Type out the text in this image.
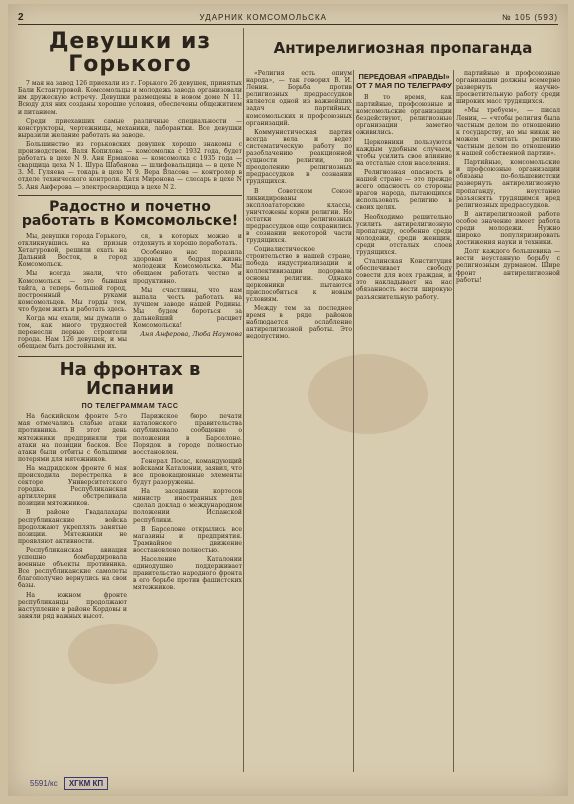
2	УДАРНИК КОМСОМОЛЬСКА	№ 105 (593)
Девушки из Горького

7 мая на завод 126 приехали из г. Горького 26 девушек, принятых Бали Кстантуровой. Комсомольцы и молодежь завода организовали им дружескую встречу. Девушки размещены в новом доме N 11. Всюду для них созданы хорошие условия, обеспечены общежитием и питанием.

Среди приехавших самые различные специальности — конструкторы, чертежницы, механики, лаборантки. Все девушки выразили желание работать на заводе.

Большинство из горьковских девушек хорошо знакомы с производством. Валя Копилова — комсомолка с 1932 года, будет работать в цехе N 9. Аня Ермакова — комсомолка с 1935 года — сварщица цеха N 1. Шура Шабанова — шлифовальщица — в цехе N 3. М. Гуляева — токарь в цехе N 9. Вера Власова — контролер в отделе технического контроля. Катя Миронова — слесарь в цехе N 5. Аня Анферова — электросварщица в цехе N 2.

Радостно и почетно работать в Комсомольске!

Мы, девушки города Горького, откликнувшись на призыв Хетагуровой, решили ехать на Дальний Восток, в город Комсомольск.

Мы всегда знали, что Комсомольск — это бывшая тайга, а теперь большой город, построенный руками комсомольцев. Мы горды тем, что будем жить и работать здесь.

Когда мы ехали, мы думали о том, как много трудностей перенесли первые строители города. Нам 126 девушек, и мы обещаем быть достойными их.

ся, в которых можно и отдохнуть и хорошо поработать.

Особенно нас поразила здоровая и бодрая жизнь молодежи Комсомольска. Мы обещаем работать честно и продуктивно.

Мы счастливы, что нам выпала честь работать на лучшем заводе нашей Родины. Мы будем бороться за дальнейший расцвет Комсомольска!

Аня Анферова, Люба Наумова
На фронтах в Испании
ПО ТЕЛЕГРАММАМ ТАСС

На баскийском фронте 5-го мая отмечались слабые атаки противника. В этот день мятежники предприняли три атаки на позиции басков. Все атаки были отбиты с большими потерями для мятежников.

На мадридском фронте 6 мая происходила перестрелка в секторе Университетского городка. Республиканская артиллерия обстреливала позиции мятежников.

В районе Гвадалахары республиканские войска продолжают укреплять занятые позиции. Мятежники не проявляют активности.

Республиканская авиация успешно бомбардировала военные объекты противника. Все республиканские самолеты благополучно вернулись на свои базы.

На южном фронте республиканцы продолжают наступление в районе Кордовы и заняли ряд важных высот.

Парижское бюро печати каталонского правительства опубликовало сообщение о положении в Барселоне. Порядок в городе полностью восстановлен.

Генерал Посас, командующий войсками Каталонии, заявил, что все провокационные элементы будут разоружены.

На заседании кортесов министр иностранных дел сделал доклад о международном положении Испанской республики.

В Барселоне открылись все магазины и предприятия. Трамвайное движение восстановлено полностью.

Население Каталонии единодушно поддерживает правительство народного фронта в его борьбе против фашистских мятежников.

Антирелигиозная пропаганда

«Религия есть опиум народа», — так говорил В. И. Ленин. Борьба против религиозных предрассудков является одной из важнейших задач партийных, комсомольских и профсоюзных организаций.

Коммунистическая партия всегда вела и ведет систематическую работу по разоблачению реакционной сущности религии, по преодолению религиозных предрассудков в сознании трудящихся.

В Советском Союзе ликвидированы эксплоататорские классы, уничтожены корни религии. Но остатки религиозных предрассудков еще сохранились в сознании некоторой части трудящихся.

Социалистическое строительство в нашей стране, победа индустриализации и коллективизации подорвали основы религии. Однако церковники пытаются приспособиться к новым условиям.

Между тем за последнее время в ряде районов наблюдается ослабление антирелигиозной работы. Это недопустимо.

ПЕРЕДОВАЯ «ПРАВДЫ» ОТ 7 МАЯ ПО ТЕЛЕГРАФУ

В то время, как партийные, профсоюзные и комсомольские организации бездействуют, религиозные организации заметно оживились.

Церковники пользуются каждым удобным случаем, чтобы усилить свое влияние на отсталые слои населения.

Религиозная опасность в нашей стране — это прежде всего опасность со стороны врагов народа, пытающихся использовать религию в своих целях.

Необходимо решительно усилить антирелигиозную пропаганду, особенно среди молодежи, среди женщин, среди отсталых слоев трудящихся.

Сталинская Конституция обеспечивает свободу совести для всех граждан, и это накладывает на нас обязанность вести широкую разъяснительную работу.

партийные и профсоюзные организации должны всемерно развернуть научно-просветительную работу среди широких масс трудящихся.

«Мы требуем», — писал Ленин, — «чтобы религия была частным делом по отношению к государству, но мы никак не можем считать религию частным делом по отношению к нашей собственной партии».

Партийные, комсомольские и профсоюзные организации обязаны по-большевистски развернуть антирелигиозную пропаганду, неустанно разъяснять трудящимся вред религиозных предрассудков.

В антирелигиозной работе особое значение имеет работа среди молодежи. Нужно широко популяризировать достижения науки и техники.

Долг каждого большевика — вести неустанную борьбу с религиозным дурманом. Шире фронт антирелигиозной работы!

5591/кс ХГКМ КП
